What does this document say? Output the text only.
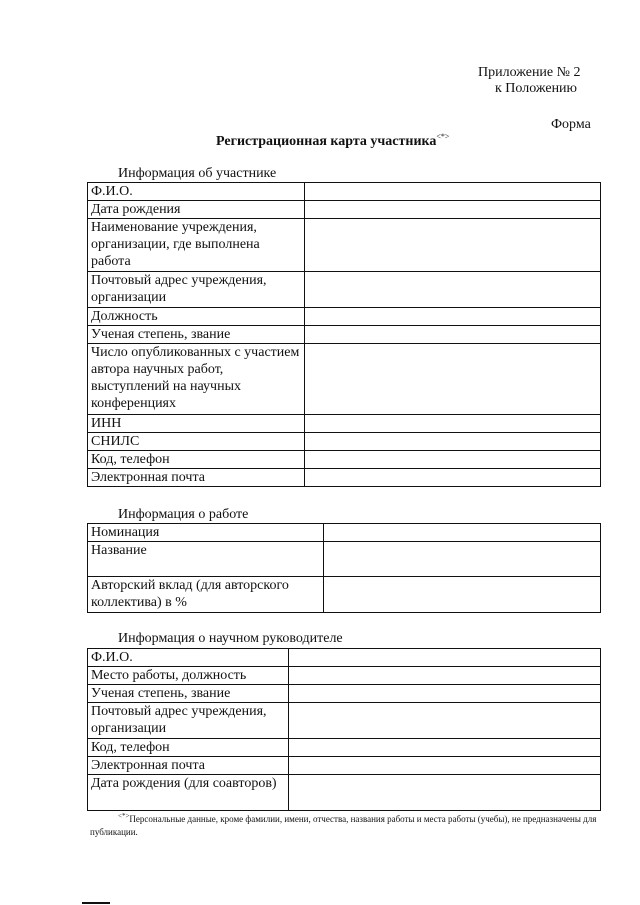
Приложение № 2
к Положению
Форма
Регистрационная карта участника<*>
Информация об участнике
Ф.И.О.	
Дата рождения	
Наименование учреждения, организации, где выполнена работа	
Почтовый адрес учреждения, организации	
Должность	
Ученая степень, звание	
Число опубликованных с участием автора научных работ, выступлений на научных конференциях	
ИНН	
СНИЛС	
Код, телефон	
Электронная почта	
Информация о работе
Номинация	
Название	
Авторский вклад (для авторского коллектива) в %	
Информация о научном руководителе
Ф.И.О.	
Место работы, должность	
Ученая степень, звание	
Почтовый адрес учреждения, организации	
Код, телефон	
Электронная почта	
Дата рождения (для соавторов)	
<*>Персональные данные, кроме фамилии, имени, отчества, названия работы и места работы (учебы), не предназначены для публикации.
